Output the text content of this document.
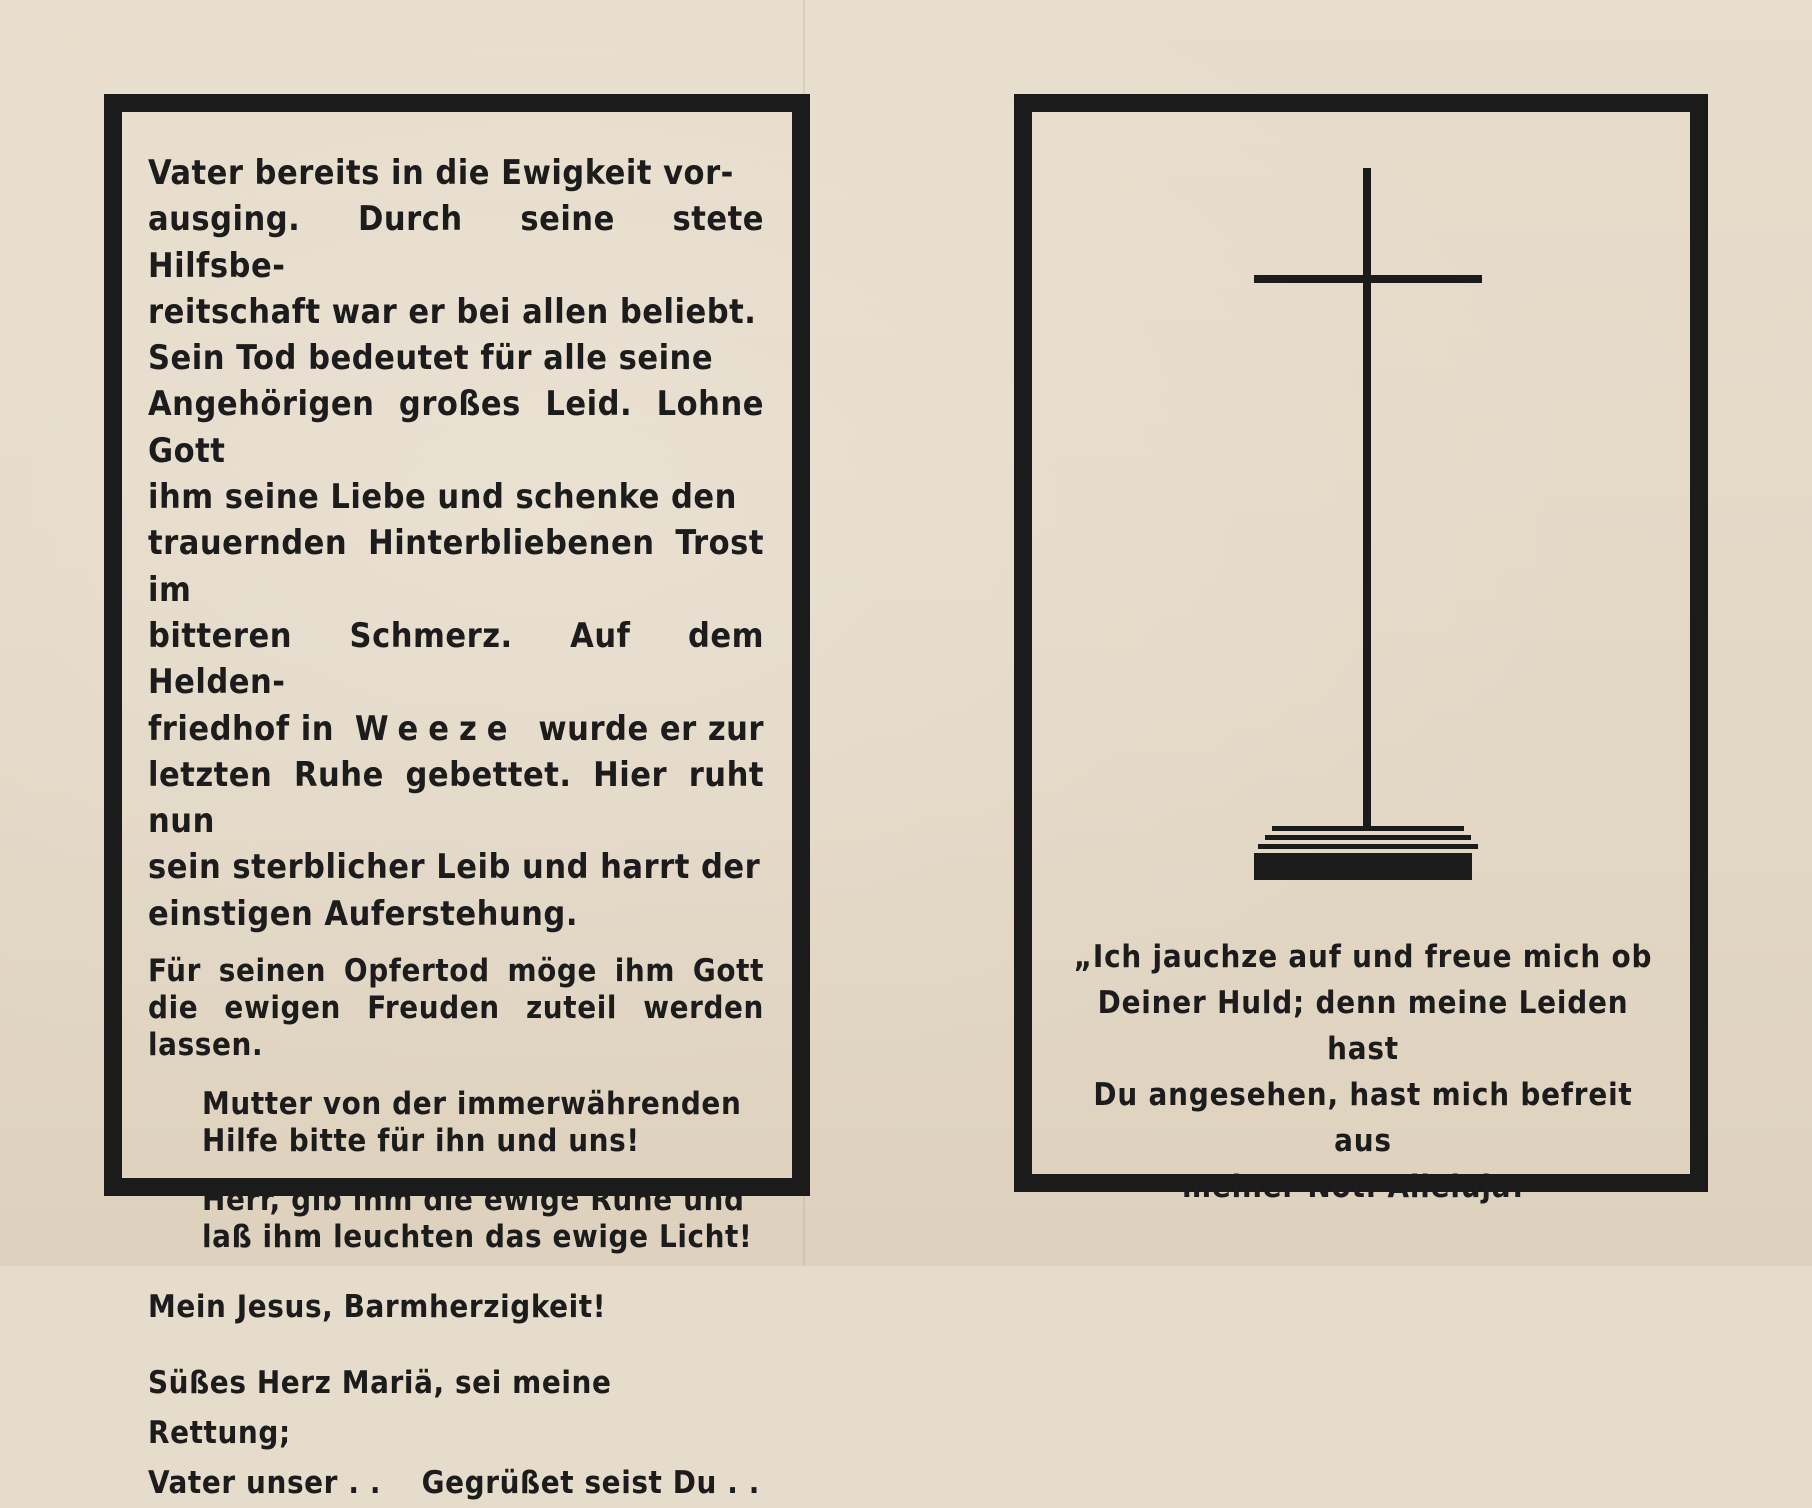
Vater bereits in die Ewigkeit vor-
ausging. Durch seine stete Hilfsbe-
reitschaft war er bei allen beliebt.
Sein Tod bedeutet für alle seine
Angehörigen großes Leid. Lohne Gott
ihm seine Liebe und schenke den
trauernden Hinterbliebenen Trost im
bitteren Schmerz. Auf dem Helden-
friedhof in Weeze wurde er zur
letzten Ruhe gebettet. Hier ruht nun
sein sterblicher Leib und harrt der
einstigen Auferstehung.
Für seinen Opfertod möge ihm Gott die ewigen Freuden zuteil werden lassen.
Mutter von der immerwährenden Hilfe bitte für ihn und uns!
Herr, gib ihm die ewige Ruhe und laß ihm leuchten das ewige Licht!
Mein Jesus, Barmherzigkeit!
Süßes Herz Mariä, sei meine Rettung;
Vater unser . . Gegrüßet seist Du . .
„Ich jauchze auf und freue mich ob
Deiner Huld; denn meine Leiden hast
Du angesehen, hast mich befreit aus
meiner Not. Alleluja!“
